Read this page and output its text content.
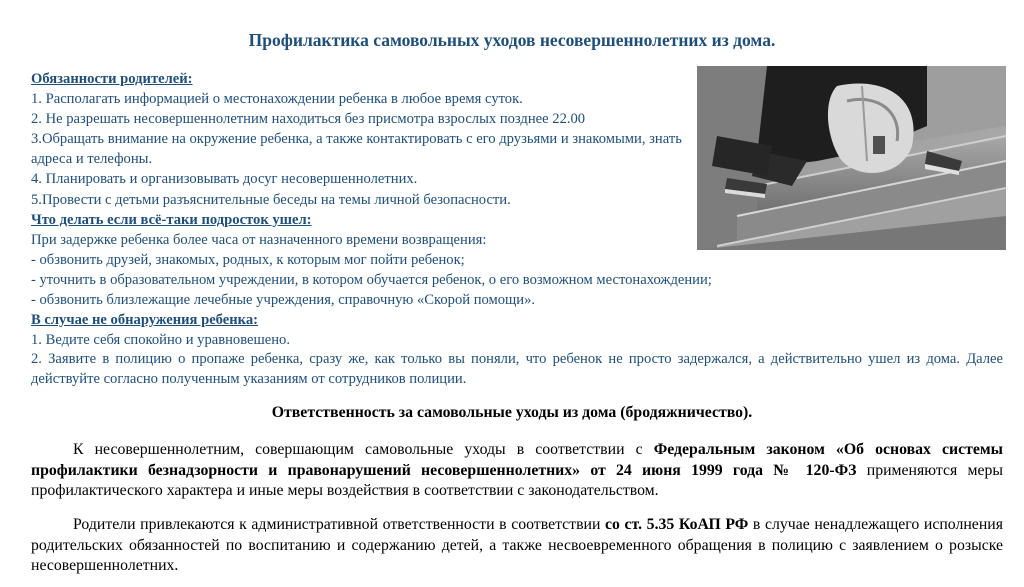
Профилактика самовольных уходов несовершеннолетних из дома.
Обязанности родителей:
1. Располагать информацией о местонахождении ребенка в любое время суток.
2. Не разрешать несовершеннолетним находиться без присмотра взрослых позднее 22.00
3.Обращать внимание на окружение ребенка, а также контактировать с его друзьями и знакомыми, знать адреса и телефоны.
4. Планировать и организовывать досуг несовершеннолетних.
5.Провести с детьми разъяснительные беседы на темы личной безопасности.
Что делать если всё-таки подросток ушел:
При задержке ребенка более часа от назначенного времени возвращения:
- обзвонить друзей, знакомых, родных, к которым мог пойти ребенок;
- уточнить в образовательном учреждении, в котором обучается ребенок, о его возможном местонахождении;
- обзвонить близлежащие лечебные учреждения, справочную «Скорой помощи».
В случае не обнаружения ребенка:
1. Ведите себя спокойно и уравновешено.
2. Заявите в полицию о пропаже ребенка, сразу же, как только вы поняли, что ребенок не просто задержался, а действительно ушел из дома. Далее действуйте согласно полученным указаниям от сотрудников полиции.
Ответственность за самовольные уходы из дома (бродяжничество).
К несовершеннолетним, совершающим самовольные уходы в соответствии с Федеральным законом «Об основах системы профилактики безнадзорности и правонарушений несовершеннолетних» от 24 июня 1999 года № 120-ФЗ применяются меры профилактического характера и иные меры воздействия в соответствии с законодательством.
Родители привлекаются к административной ответственности в соответствии со ст. 5.35 КоАП РФ в случае ненадлежащего исполнения родительских обязанностей по воспитанию и содержанию детей, а также несвоевременного обращения в полицию с заявлением о розыске несовершеннолетних.
